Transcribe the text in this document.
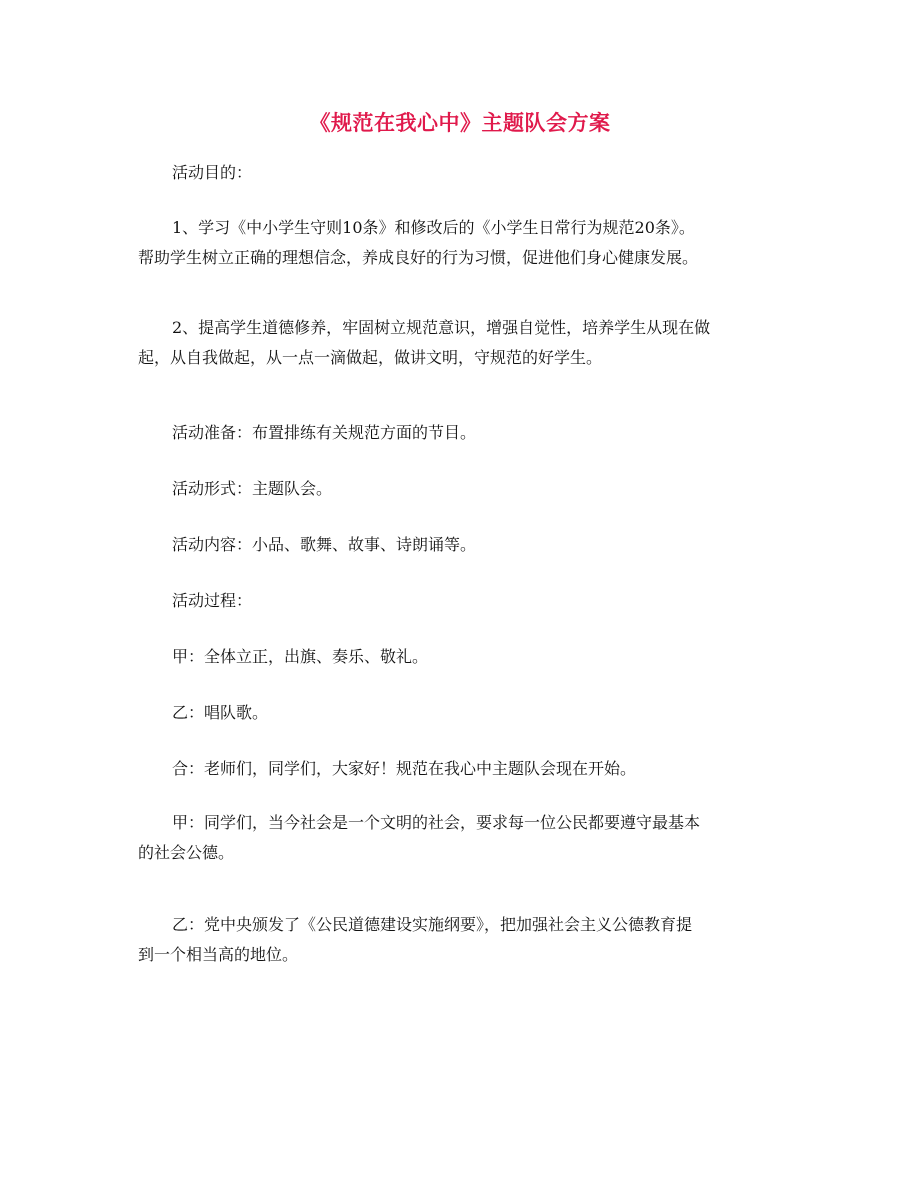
《规范在我心中》主题队会方案
活动目的：
1、学习《中小学生守则10条》和修改后的《小学生日常行为规范20条》。
帮助学生树立正确的理想信念，养成良好的行为习惯，促进他们身心健康发展。
2、提高学生道德修养，牢固树立规范意识，增强自觉性，培养学生从现在做
起，从自我做起，从一点一滴做起，做讲文明，守规范的好学生。
活动准备：布置排练有关规范方面的节目。
活动形式：主题队会。
活动内容：小品、歌舞、故事、诗朗诵等。
活动过程：
甲：全体立正，出旗、奏乐、敬礼。
乙：唱队歌。
合：老师们，同学们，大家好！规范在我心中主题队会现在开始。
甲：同学们，当今社会是一个文明的社会，要求每一位公民都要遵守最基本
的社会公德。
乙：党中央颁发了《公民道德建设实施纲要》，把加强社会主义公德教育提
到一个相当高的地位。
